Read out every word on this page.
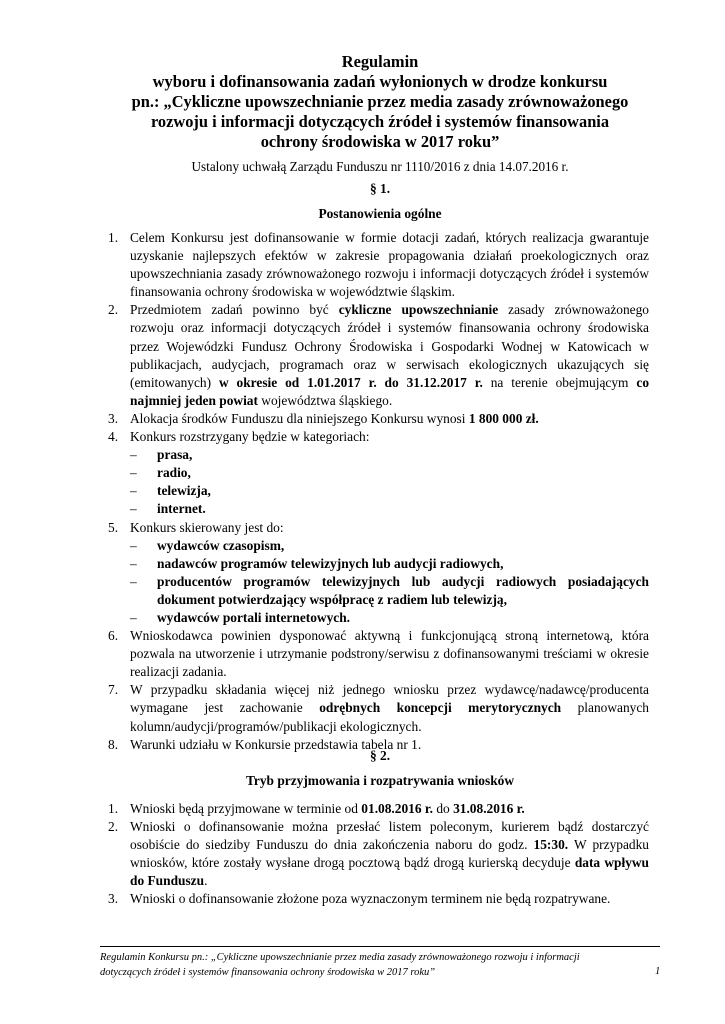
Regulamin
wyboru i dofinansowania zadań wyłonionych w drodze konkursu
pn.: „Cykliczne upowszechnianie przez media zasady zrównoważonego
rozwoju i informacji dotyczących źródeł i systemów finansowania
ochrony środowiska w 2017 roku”
Ustalony uchwałą Zarządu Funduszu nr 1110/2016 z dnia 14.07.2016 r.
§ 1.
Postanowienia ogólne
1. Celem Konkursu jest dofinansowanie w formie dotacji zadań, których realizacja gwarantuje uzyskanie najlepszych efektów w zakresie propagowania działań proekologicznych oraz upowszechniania zasady zrównoważonego rozwoju i informacji dotyczących źródeł i systemów finansowania ochrony środowiska w województwie śląskim.
2. Przedmiotem zadań powinno być cykliczne upowszechnianie zasady zrównoważonego rozwoju oraz informacji dotyczących źródeł i systemów finansowania ochrony środowiska przez Wojewódzki Fundusz Ochrony Środowiska i Gospodarki Wodnej w Katowicach w publikacjach, audycjach, programach oraz w serwisach ekologicznych ukazujących się (emitowanych) w okresie od 1.01.2017 r. do 31.12.2017 r. na terenie obejmującym co najmniej jeden powiat województwa śląskiego.
3. Alokacja środków Funduszu dla niniejszego Konkursu wynosi 1 800 000 zł.
4. Konkurs rozstrzygany będzie w kategoriach:
– prasa,
– radio,
– telewizja,
– internet.
5. Konkurs skierowany jest do:
– wydawców czasopism,
– nadawców programów telewizyjnych lub audycji radiowych,
– producentów programów telewizyjnych lub audycji radiowych posiadających dokument potwierdzający współpracę z radiem lub telewizją,
– wydawców portali internetowych.
6. Wnioskodawca powinien dysponować aktywną i funkcjonującą stroną internetową, która pozwala na utworzenie i utrzymanie podstrony/serwisu z dofinansowanymi treściami w okresie realizacji zadania.
7. W przypadku składania więcej niż jednego wniosku przez wydawcę/nadawcę/producenta wymagane jest zachowanie odrębnych koncepcji merytorycznych planowanych kolumn/audycji/programów/publikacji ekologicznych.
8. Warunki udziału w Konkursie przedstawia tabela nr 1.
§ 2.
Tryb przyjmowania i rozpatrywania wniosków
1. Wnioski będą przyjmowane w terminie od 01.08.2016 r. do 31.08.2016 r.
2. Wnioski o dofinansowanie można przesłać listem poleconym, kurierem bądź dostarczyć osobiście do siedziby Funduszu do dnia zakończenia naboru do godz. 15:30. W przypadku wniosków, które zostały wysłane drogą pocztową bądź drogą kurierską decyduje data wpływu do Funduszu.
3. Wnioski o dofinansowanie złożone poza wyznaczonym terminem nie będą rozpatrywane.
Regulamin Konkursu pn.: „Cykliczne upowszechnianie przez media zasady zrównoważonego rozwoju i informacji
dotyczących źródeł i systemów finansowania ochrony środowiska w 2017 roku”	1
